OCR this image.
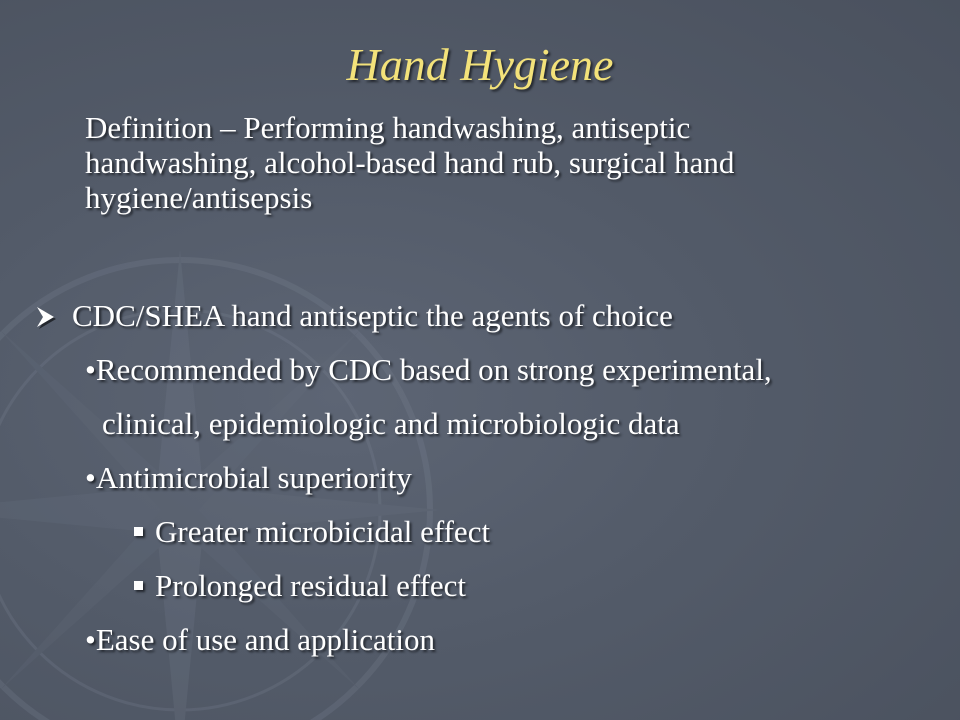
Hand Hygiene
Definition – Performing handwashing, antiseptic handwashing, alcohol-based hand rub, surgical hand hygiene/antisepsis
CDC/SHEA hand antiseptic the agents of choice
•Recommended by CDC based on strong experimental,
clinical, epidemiologic and microbiologic data
•Antimicrobial superiority
Greater microbicidal effect
Prolonged residual effect
•Ease of use and application
